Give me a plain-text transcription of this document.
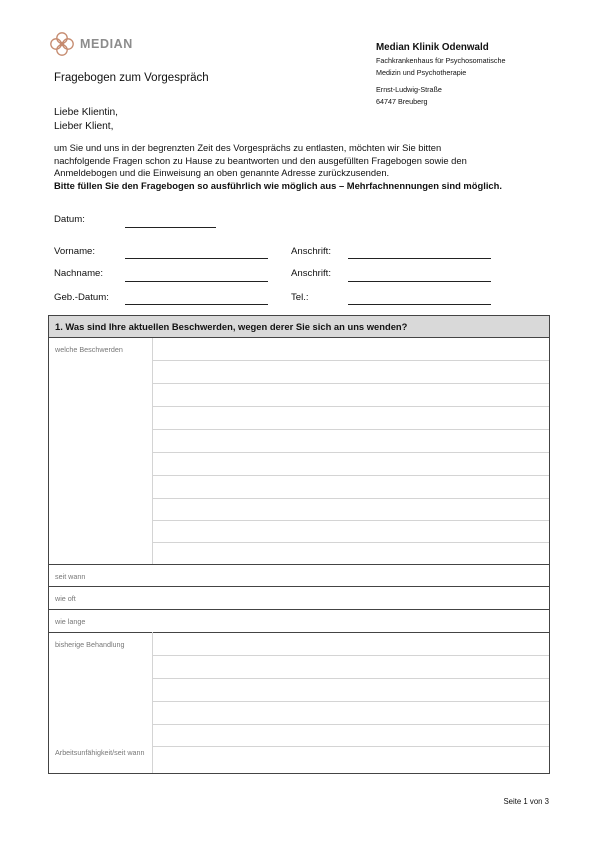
MEDIAN	Median Klinik Odenwald
Fachkrankenhaus für Psychosomatische
Medizin und Psychotherapie
Ernst-Ludwig-Straße
64747 Breuberg
Fragebogen zum Vorgespräch
Liebe Klientin,
Lieber Klient,
um Sie und uns in der begrenzten Zeit des Vorgesprächs zu entlasten, möchten wir Sie bitten
nachfolgende Fragen schon zu Hause zu beantworten und den ausgefüllten Fragebogen sowie den
Anmeldebogen und die Einweisung an oben genannte Adresse zurückzusenden.
Bitte füllen Sie den Fragebogen so ausführlich wie möglich aus – Mehrfachnennungen sind möglich.
Datum:
Vorname:	Anschrift:
Nachname:	Anschrift:
Geb.-Datum:	Tel.:
1. Was sind Ihre aktuellen Beschwerden, wegen derer Sie sich an uns wenden?
welche Beschwerden
seit wann
wie oft
wie lange
bisherige Behandlung
Arbeitsunfähigkeit/seit wann
Seite 1 von 3
